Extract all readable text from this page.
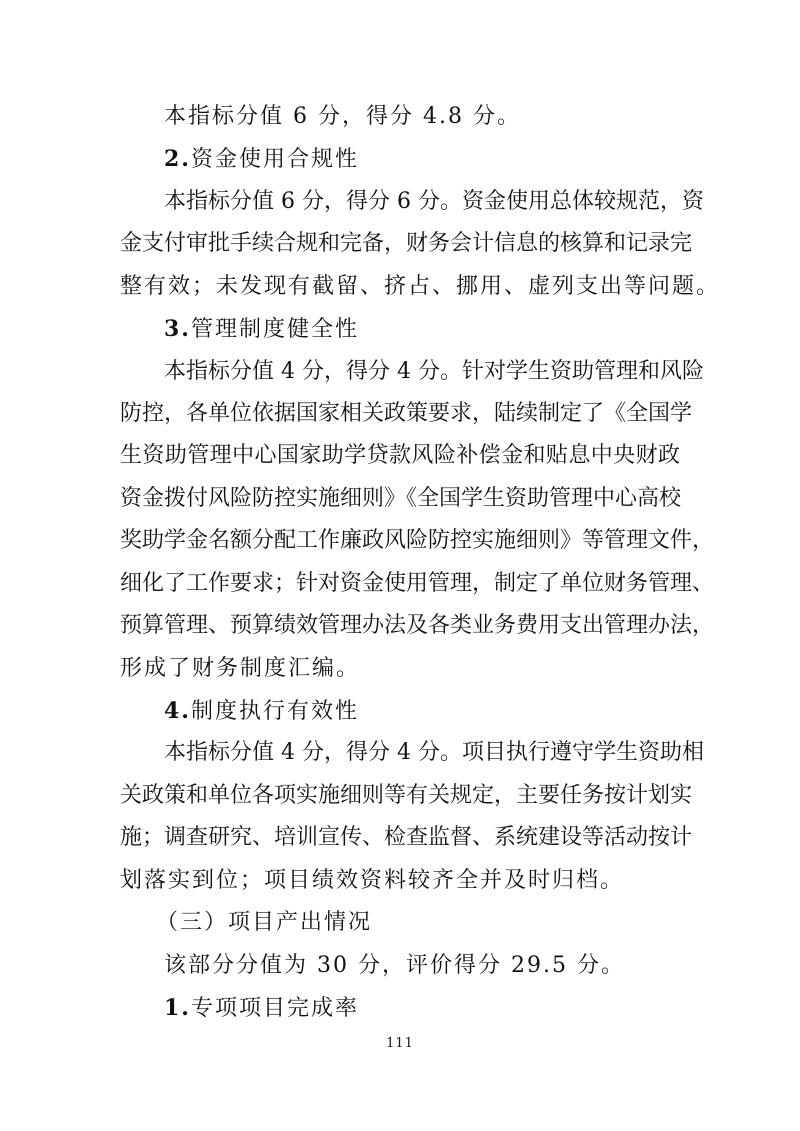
本指标分值 6 分，得分 4.8 分。
2.资金使用合规性
本指标分值 6 分，得分 6 分。资金使用总体较规范，资
金支付审批手续合规和完备，财务会计信息的核算和记录完
整有效；未发现有截留、挤占、挪用、虚列支出等问题。
3.管理制度健全性
本指标分值 4 分，得分 4 分。针对学生资助管理和风险
防控，各单位依据国家相关政策要求，陆续制定了《全国学
生资助管理中心国家助学贷款风险补偿金和贴息中央财政
资金拨付风险防控实施细则》《全国学生资助管理中心高校
奖助学金名额分配工作廉政风险防控实施细则》等管理文件，
细化了工作要求；针对资金使用管理，制定了单位财务管理、
预算管理、预算绩效管理办法及各类业务费用支出管理办法，
形成了财务制度汇编。
4.制度执行有效性
本指标分值 4 分，得分 4 分。项目执行遵守学生资助相
关政策和单位各项实施细则等有关规定，主要任务按计划实
施；调查研究、培训宣传、检查监督、系统建设等活动按计
划落实到位；项目绩效资料较齐全并及时归档。
（三）项目产出情况
该部分分值为 30 分，评价得分 29.5 分。
1.专项项目完成率
111
